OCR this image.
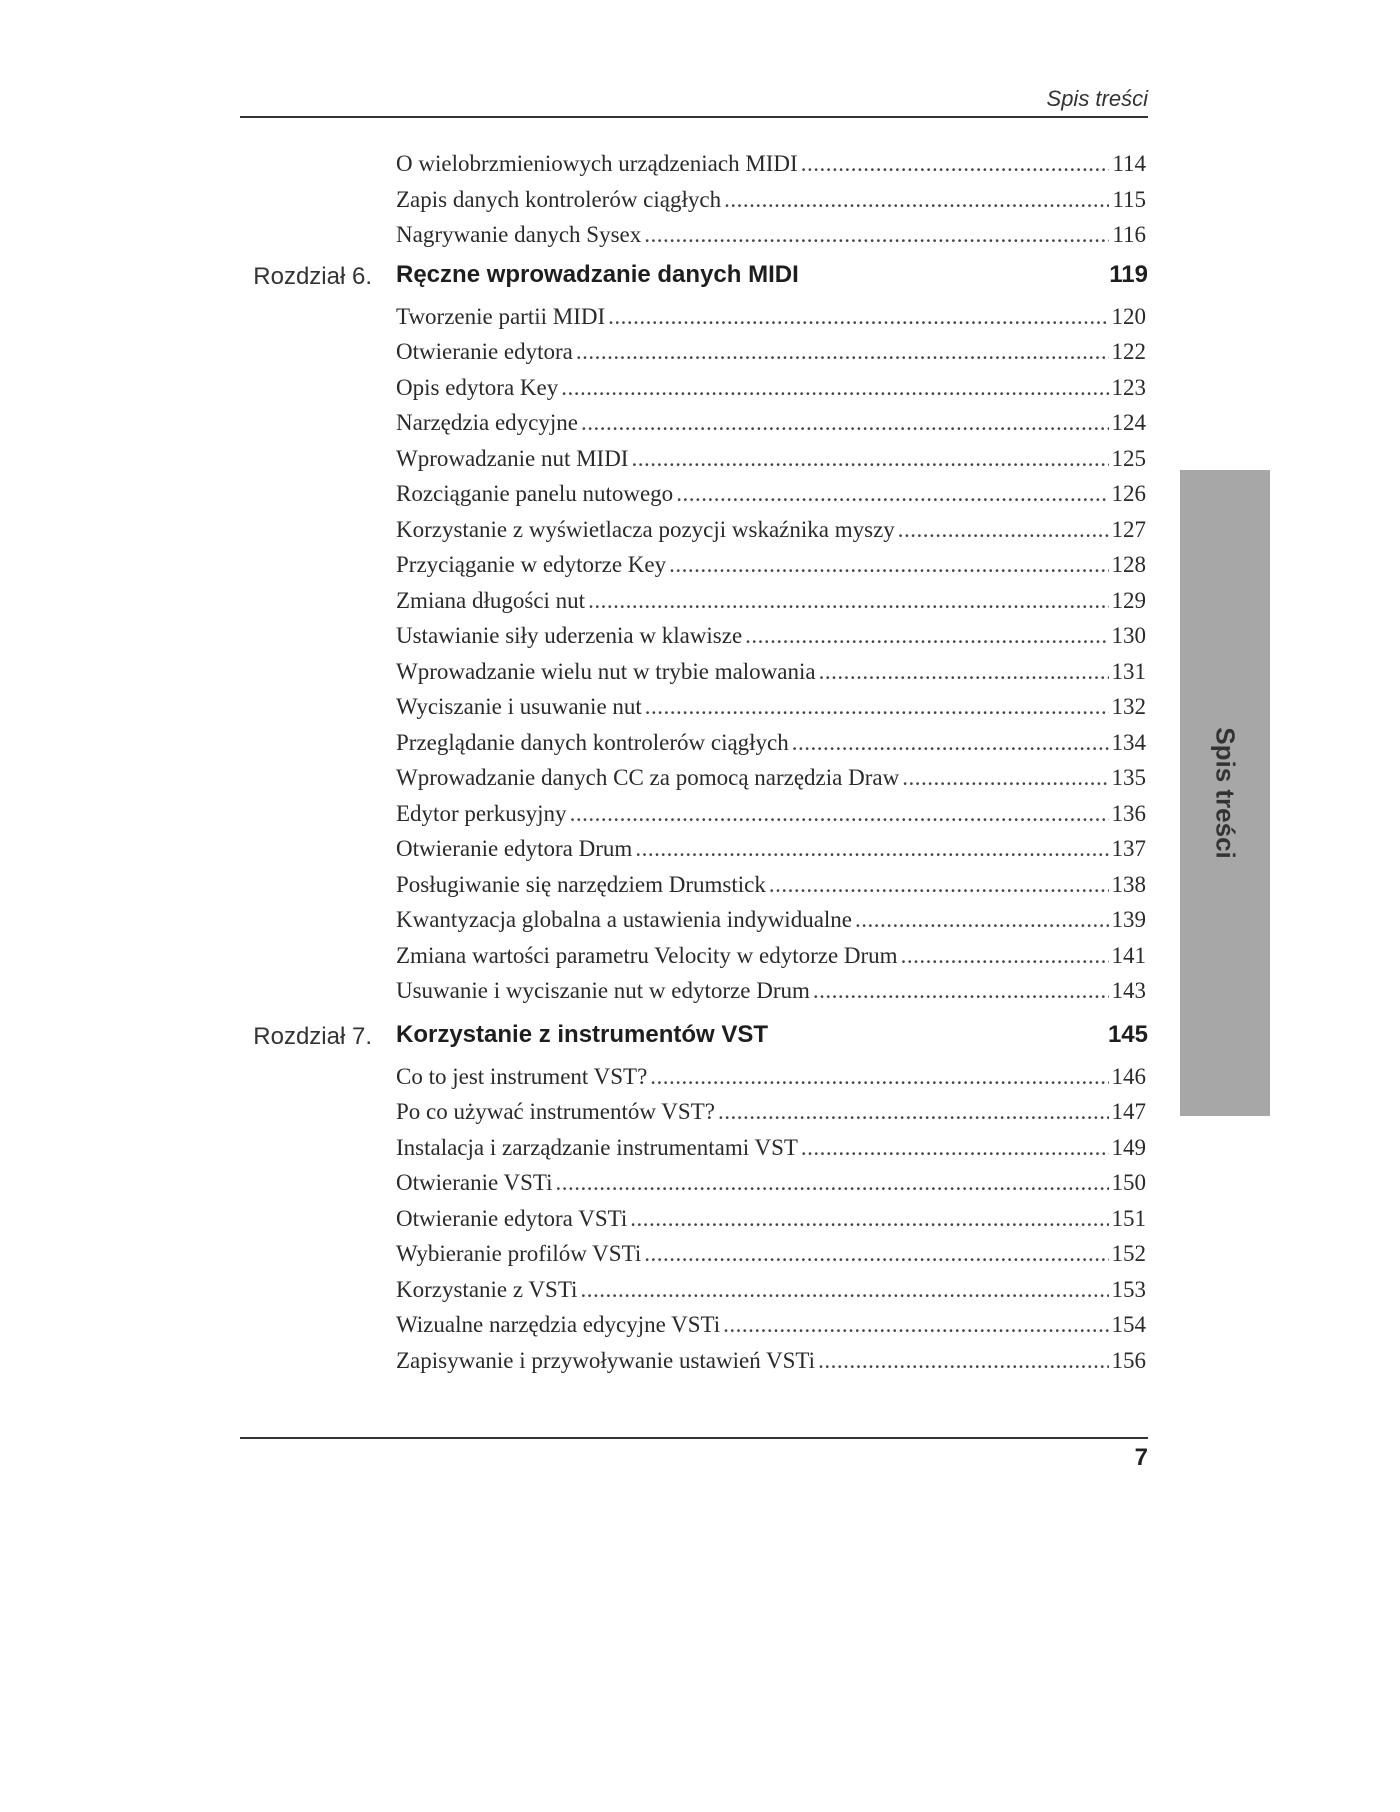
Spis treści
O wielobrzmieniowych urządzeniach MIDI .....	114
Zapis danych kontrolerów ciągłych .....	115
Nagrywanie danych Sysex .....	116
Rozdział 6. Ręczne wprowadzanie danych MIDI	119
Tworzenie partii MIDI .....	120
Otwieranie edytora .....	122
Opis edytora Key .....	123
Narzędzia edycyjne .....	124
Wprowadzanie nut MIDI .....	125
Rozciąganie panelu nutowego .....	126
Korzystanie z wyświetlacza pozycji wskaźnika myszy .....	127
Przyciąganie w edytorze Key .....	128
Zmiana długości nut .....	129
Ustawianie siły uderzenia w klawisze .....	130
Wprowadzanie wielu nut w trybie malowania .....	131
Wyciszanie i usuwanie nut .....	132
Przeglądanie danych kontrolerów ciągłych .....	134
Wprowadzanie danych CC za pomocą narzędzia Draw .....	135
Edytor perkusyjny .....	136
Otwieranie edytora Drum .....	137
Posługiwanie się narzędziem Drumstick .....	138
Kwantyzacja globalna a ustawienia indywidualne .....	139
Zmiana wartości parametru Velocity w edytorze Drum .....	141
Usuwanie i wyciszanie nut w edytorze Drum .....	143
Rozdział 7. Korzystanie z instrumentów VST	145
Co to jest instrument VST? .....	146
Po co używać instrumentów VST? .....	147
Instalacja i zarządzanie instrumentami VST .....	149
Otwieranie VSTi .....	150
Otwieranie edytora VSTi .....	151
Wybieranie profilów VSTi .....	152
Korzystanie z VSTi .....	153
Wizualne narzędzia edycyjne VSTi .....	154
Zapisywanie i przywoływanie ustawień VSTi .....	156
7
Spis treści
